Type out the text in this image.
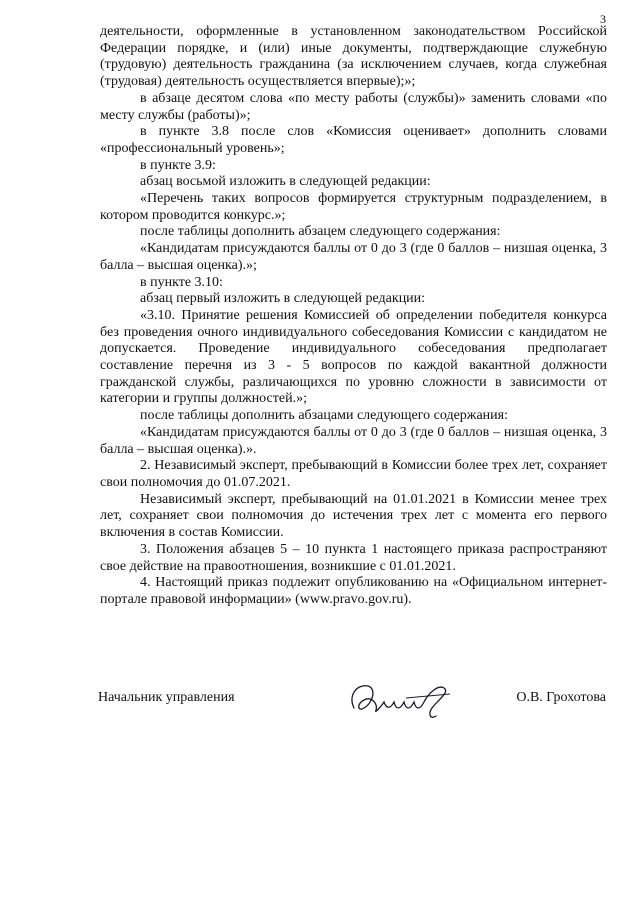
3

деятельности, оформленные в установленном законодательством Российской Федерации порядке, и (или) иные документы, подтверждающие служебную (трудовую) деятельность гражданина (за исключением случаев, когда служебная (трудовая) деятельность осуществляется впервые);»;

в абзаце десятом слова «по месту работы (службы)» заменить словами «по месту службы (работы)»;

в пункте 3.8 после слов «Комиссия оценивает» дополнить словами «профессиональный уровень»;

в пункте 3.9:

абзац восьмой изложить в следующей редакции:

«Перечень таких вопросов формируется структурным подразделением, в котором проводится конкурс.»;

после таблицы дополнить абзацем следующего содержания:

«Кандидатам присуждаются баллы от 0 до 3 (где 0 баллов – низшая оценка, 3 балла – высшая оценка).»;

в пункте 3.10:

абзац первый изложить в следующей редакции:

«3.10. Принятие решения Комиссией об определении победителя конкурса без проведения очного индивидуального собеседования Комиссии с кандидатом не допускается. Проведение индивидуального собеседования предполагает составление перечня из 3 - 5 вопросов по каждой вакантной должности гражданской службы, различающихся по уровню сложности в зависимости от категории и группы должностей.»;

после таблицы дополнить абзацами следующего содержания:

«Кандидатам присуждаются баллы от 0 до 3 (где 0 баллов – низшая оценка, 3 балла – высшая оценка).».

2. Независимый эксперт, пребывающий в Комиссии более трех лет, сохраняет свои полномочия до 01.07.2021.

Независимый эксперт, пребывающий на 01.01.2021 в Комиссии менее трех лет, сохраняет свои полномочия до истечения трех лет с момента его первого включения в состав Комиссии.

3. Положения абзацев 5 – 10 пункта 1 настоящего приказа распространяют свое действие на правоотношения, возникшие с 01.01.2021.

4. Настоящий приказ подлежит опубликованию на «Официальном интернет-портале правовой информации» (www.pravo.gov.ru).

Начальник управления	О.В. Грохотова
